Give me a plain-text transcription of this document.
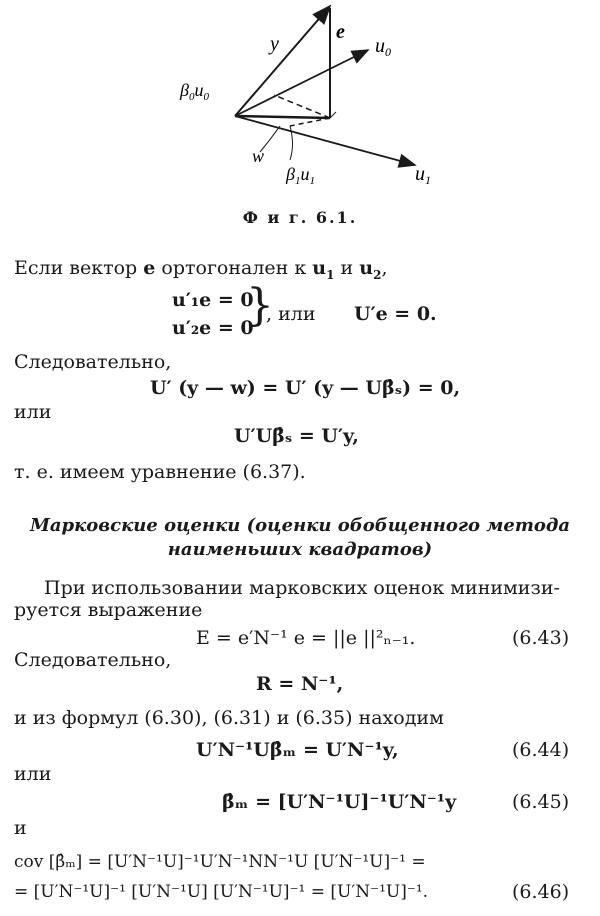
y
e
$u_0$
$\beta_0u_0$
w
$\beta_1u_1$	$u_1$
Ф и г. 6.1.
Если вектор e ортогонален к $u_1$ и $u_2$,
u′₁e = 0
u′₂e = 0
}
, или U′e = 0.
Следовательно,
U′ (y — w) = U′ (y — Uβ̂ₛ) = 0,
или
U′Uβ̂ₛ = U′y,
т. е. имеем уравнение (6.37).
Марковские оценки (оценки обобщенного метода
наименьших квадратов)
При использовании марковских оценок минимизи-
руется выражение
E = e′N⁻¹ e = ||e ||²ₙ₋₁.	(6.43)
Следовательно,
R = N⁻¹,
и из формул (6.30), (6.31) и (6.35) находим
U′N⁻¹Uβ̂ₘ = U′N⁻¹y,	(6.44)
или
β̂ₘ = [U′N⁻¹U]⁻¹U′N⁻¹y	(6.45)
и
cov [β̂ₘ] = [U′N⁻¹U]⁻¹U′N⁻¹NN⁻¹U [U′N⁻¹U]⁻¹ =
= [U′N⁻¹U]⁻¹ [U′N⁻¹U] [U′N⁻¹U]⁻¹ = [U′N⁻¹U]⁻¹.	(6.46)
